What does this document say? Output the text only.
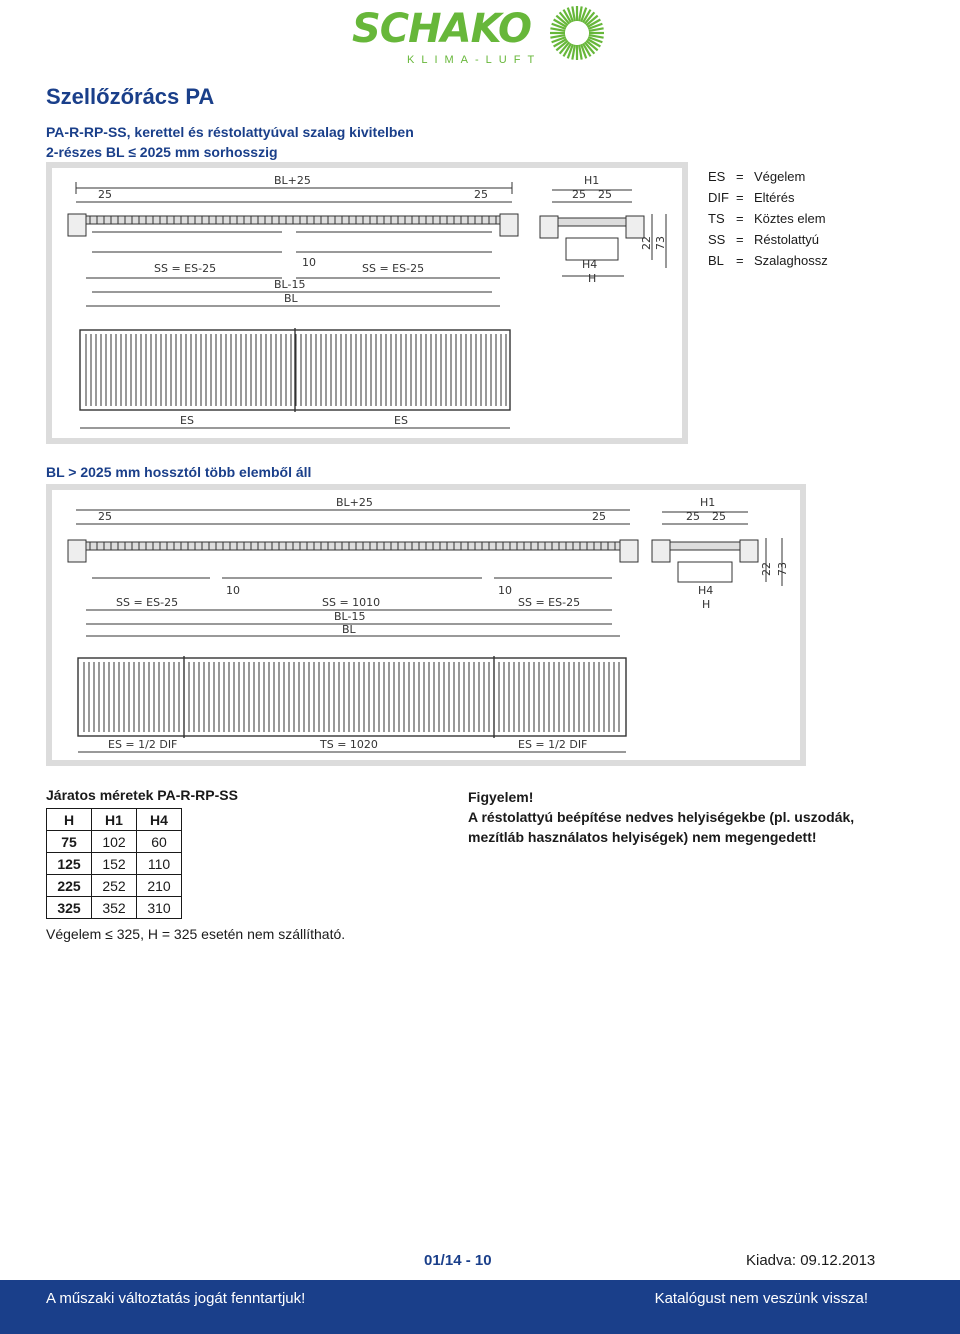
SCHAKO
KLIMA-LUFT
Szellőzőrács PA
PA-R-RP-SS, kerettel és réstolattyúval szalag kivitelben
2-részes BL ≤ 2025 mm sorhosszig
25
BL+25
25
SS = ES-25	10	SS = ES-25
BL-15
BL
H1
25 25
H4
H
22 73
ES	ES
ES = Végelem
DIF = Eltérés
TS = Köztes elem
SS = Réstolattyú
BL = Szalaghossz
BL > 2025 mm hossztól több elemből áll
25
BL+25
25
10	10
SS = ES-25	SS = 1010	SS = ES-25
BL-15
BL
H1
25 25
H4
H
22 73
ES = 1/2 DIF	TS = 1020	ES = 1/2 DIF
Járatos méretek PA-R-RP-SS
H	H1	H4
75	102	60
125	152	110
225	252	210
325	352	310
Végelem ≤ 325, H = 325 esetén nem szállítható.
Figyelem!
A réstolattyú beépítése nedves helyiségekbe (pl. uszodák,
mezítláb használatos helyiségek) nem megengedett!
01/14 - 10	Kiadva: 09.12.2013
A műszaki változtatás jogát fenntartjuk!	Katalógust nem veszünk vissza!
